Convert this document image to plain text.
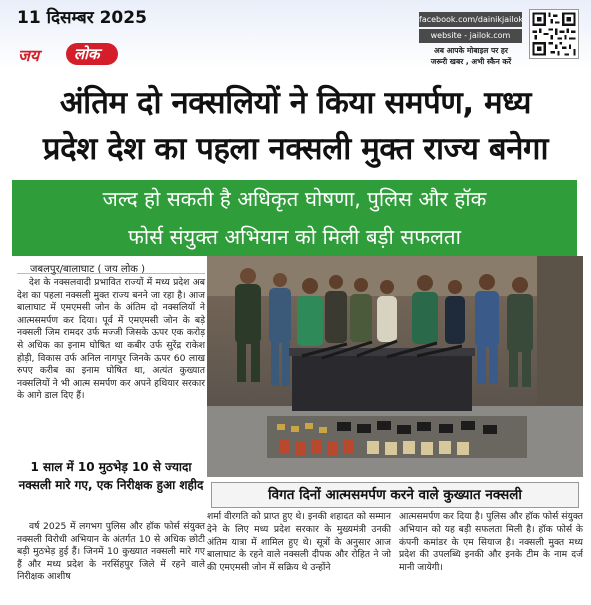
11 दिसम्बर 2025
जय लोक
facebook.com/dainikjailok
website - jailok.com
अब आपके मोबाइल पर हर
जरूरी खबर , अभी स्कैन करें
अंतिम दो नक्सलियों ने किया समर्पण, मध्य
प्रदेश देश का पहला नक्सली मुक्त राज्य बनेगा
जल्द हो सकती है अधिकृत घोषणा, पुलिस और हॉक
फोर्स संयुक्त अभियान को मिली बड़ी सफलता
जबलपुर/बालाघाट ( जय लोक )
देश के नक्सलवादी प्रभावित राज्यों में मध्य प्रदेश अब देश का पहला नक्सली मुक्त राज्य बनने जा रहा है। आज बालाघाट में एमएमसी जोन के अंतिम दो नक्सलियों ने आत्मसमर्पण कर दिया। पूर्व में एमएमसी जोन के बड़े नक्सली जिम रामदर उर्फ मज्जी जिसके ऊपर एक करोड़ से अधिक का इनाम घोषित था कबीर उर्फ सुरेंद्र राकेश होड़ी, विकास उर्फ अनिल नागपुर जिनके ऊपर 60 लाख रुपए करीब का इनाम घोषित था, अत्यंत कुख्यात नक्सलियों ने भी आत्म समर्पण कर अपने हथियार सरकार के आगे डाल दिए हैं।
1 साल में 10 मुठभेड़ 10 से ज्यादा नक्सली मारे गए, एक निरीक्षक हुआ शहीद
वर्ष 2025 में लगभग पुलिस और हॉक फोर्स संयुक्त नक्सली विरोधी अभियान के अंतर्गत 10 से अधिक छोटी बड़ी मुठभेड़ हुई हैं। जिनमें 10 कुख्यात नक्सली मारे गए हैं और मध्य प्रदेश के नरसिंहपुर जिले में रहने वाले निरीक्षक आशीष
विगत दिनों आत्मसमर्पण करने वाले कुख्यात नक्सली
शर्मा वीरगति को प्राप्त हुए थे। इनकी शहादत को सम्मान देने के लिए मध्य प्रदेश सरकार के मुख्यमंत्री उनकी अंतिम यात्रा में शामिल हुए थे। सूत्रों के अनुसार आज बालाघाट के रहने वाले नक्सली दीपक और रोहित ने जो की एमएमसी जोन में सक्रिय थे उन्होंने
आत्मसमर्पण कर दिया है। पुलिस और हॉक फोर्स संयुक्त अभियान को यह बड़ी सफलता मिली है। हॉक फोर्स के कंपनी कमांडर के एम सियाज है। नक्सली मुक्त मध्य प्रदेश की उपलब्धि इनकी और इनके टीम के नाम दर्ज मानी जायेगी।
